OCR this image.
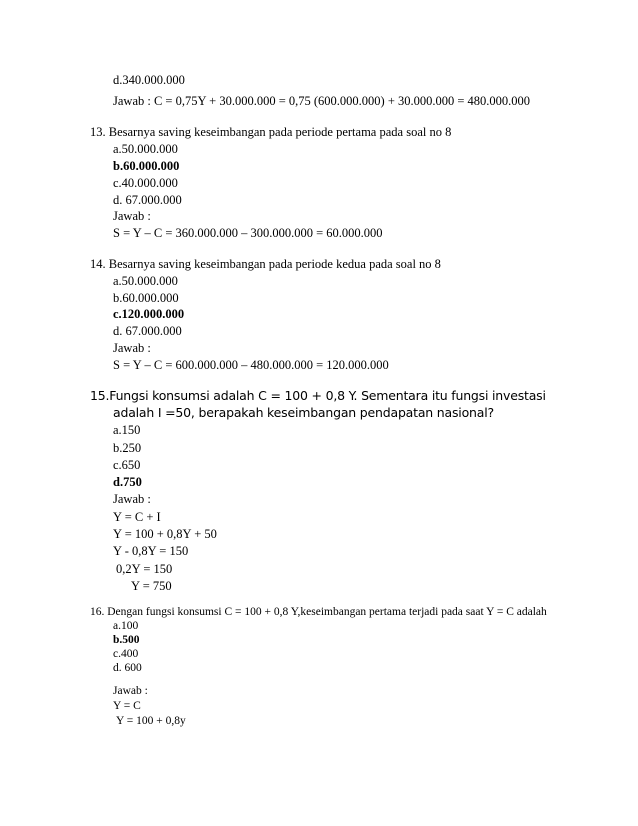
d.340.000.000
Jawab : C = 0,75Y + 30.000.000 = 0,75 (600.000.000) + 30.000.000 = 480.000.000
13. Besarnya saving keseimbangan pada periode pertama pada soal no 8
a.50.000.000
b.60.000.000
c.40.000.000
d. 67.000.000
Jawab :
S = Y – C = 360.000.000 – 300.000.000 = 60.000.000
14. Besarnya saving keseimbangan pada periode kedua pada soal no 8
a.50.000.000
b.60.000.000
c.120.000.000
d. 67.000.000
Jawab :
S = Y – C = 600.000.000 – 480.000.000 = 120.000.000
15.Fungsi konsumsi adalah C = 100 + 0,8 Y. Sementara itu fungsi investasi
adalah I =50, berapakah keseimbangan pendapatan nasional?
a.150
b.250
c.650
d.750
Jawab :
Y = C + I
Y = 100 + 0,8Y + 50
Y - 0,8Y = 150
0,2Y = 150
Y = 750
16. Dengan fungsi konsumsi C = 100 + 0,8 Y,keseimbangan pertama terjadi pada saat Y = C adalah
a.100
b.500
c.400
d. 600
Jawab :
Y = C
Y = 100 + 0,8y
